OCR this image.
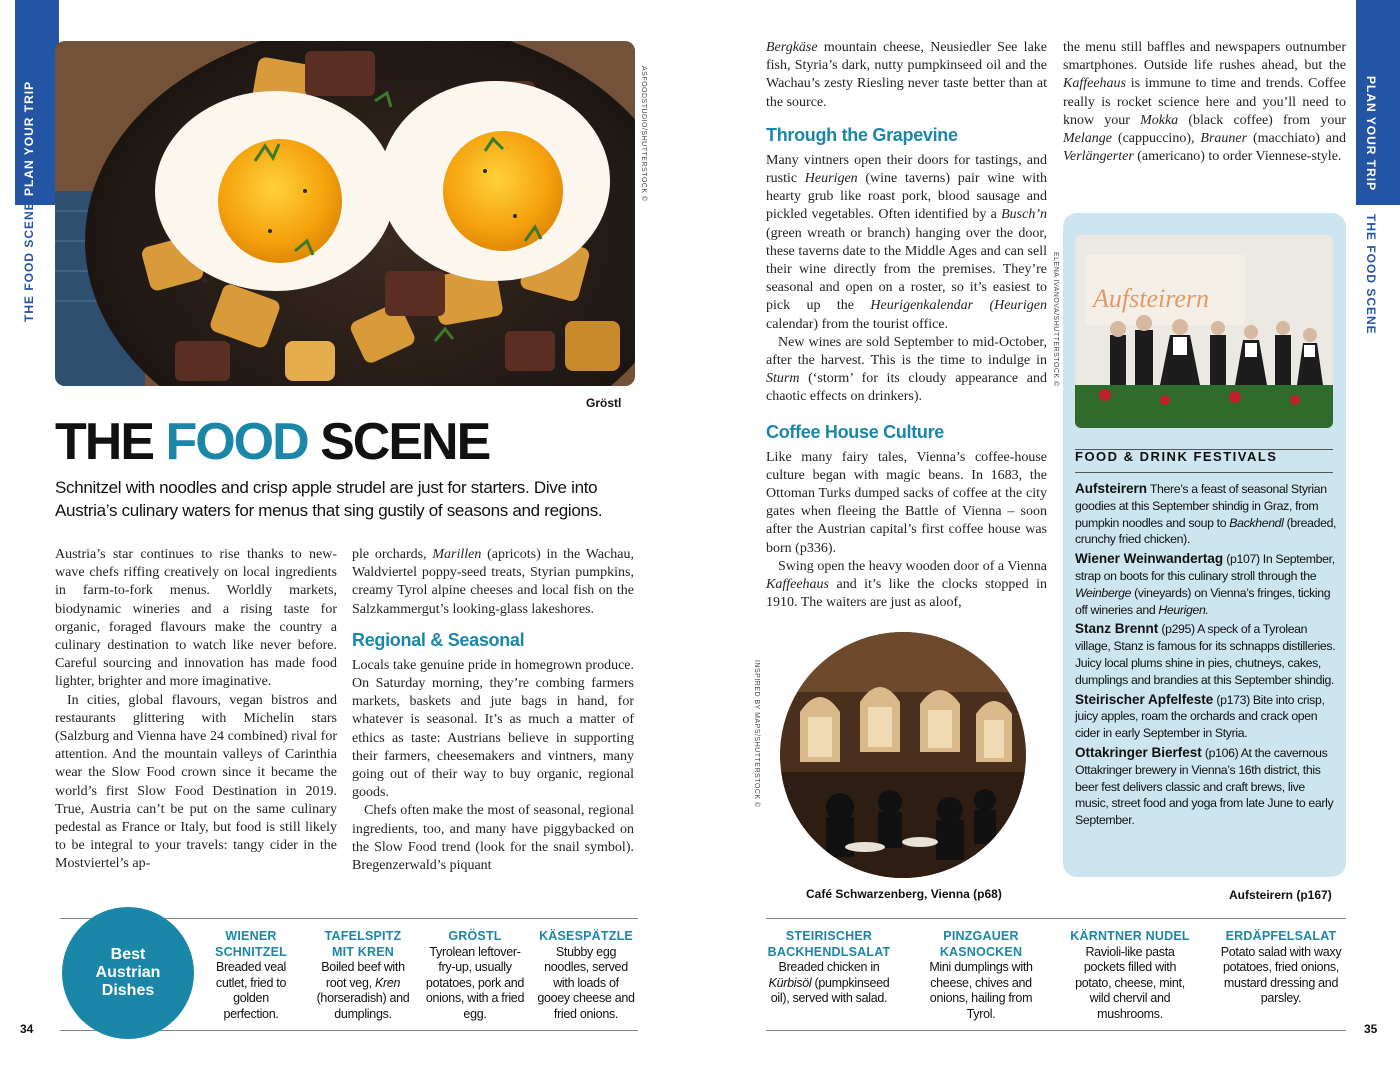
PLAN YOUR TRIP
THE FOOD SCENE
PLAN YOUR TRIP
THE FOOD SCENE
ASFOODSTUDIO/SHUTTERSTOCK ©
Gröstl
THE FOOD SCENE
Schnitzel with noodles and crisp apple strudel are just for starters. Dive into Austria’s culinary waters for menus that sing gustily of seasons and regions.

Austria’s star continues to rise thanks to new-wave chefs riffing creatively on local ingredients in farm-to-fork menus. Worldly markets, biodynamic wineries and a rising taste for organic, foraged flavours make the country a culinary destination to watch like never before. Careful sourcing and innovation has made food lighter, brighter and more imaginative.

In cities, global flavours, vegan bistros and restaurants glittering with Michelin stars (Salzburg and Vienna have 24 combined) rival for attention. And the mountain valleys of Carinthia wear the Slow Food crown since it became the world’s first Slow Food Destination in 2019. True, Austria can’t be put on the same culinary pedestal as France or Italy, but food is still likely to be integral to your travels: tangy cider in the Mostviertel’s ap-

ple orchards, Marillen (apricots) in the Wachau, Waldviertel poppy-seed treats, Styrian pumpkins, creamy Tyrol alpine cheeses and local fish on the Salzkammergut’s looking-glass lakeshores.

Regional & Seasonal

Locals take genuine pride in homegrown produce. On Saturday morning, they’re combing farmers markets, baskets and jute bags in hand, for whatever is seasonal. It’s as much a matter of ethics as taste: Austrians believe in supporting their farmers, cheesemakers and vintners, many going out of their way to buy organic, regional goods.

Chefs often make the most of seasonal, regional ingredients, too, and many have piggybacked on the Slow Food trend (look for the snail symbol). Bregenzerwald’s piquant

Bergkäse mountain cheese, Neusiedler See lake fish, Styria’s dark, nutty pumpkinseed oil and the Wachau’s zesty Riesling never taste better than at the source.

Through the Grapevine

Many vintners open their doors for tastings, and rustic Heurigen (wine taverns) pair wine with hearty grub like roast pork, blood sausage and pickled vegetables. Often identified by a Busch’n (green wreath or branch) hanging over the door, these taverns date to the Middle Ages and can sell their wine directly from the premises. They’re seasonal and open on a roster, so it’s easiest to pick up the Heurigenkalendar (Heurigen calendar) from the tourist office.

New wines are sold September to mid-October, after the harvest. This is the time to indulge in Sturm (‘storm’ for its cloudy appearance and chaotic effects on drinkers).

Coffee House Culture

Like many fairy tales, Vienna’s coffee-house culture began with magic beans. In 1683, the Ottoman Turks dumped sacks of coffee at the city gates when fleeing the Battle of Vienna – soon after the Austrian capital’s first coffee house was born (p336).

Swing open the heavy wooden door of a Vienna Kaffeehaus and it’s like the clocks stopped in 1910. The waiters are just as aloof,

the menu still baffles and newspapers outnumber smartphones. Outside life rushes ahead, but the Kaffeehaus is immune to time and trends. Coffee really is rocket science here and you’ll need to know your Mokka (black coffee) from your Melange (cappuccino), Brauner (macchiato) and Verlängerter (americano) to order Viennese-style.

ELENA IVANOVA/SHUTTERSTOCK ©
INSPIRED BY MAPS/SHUTTERSTOCK ©
Café Schwarzenberg, Vienna (p68)
Aufsteirern
FOOD & DRINK FESTIVALS
Aufsteirern There’s a feast of seasonal Styrian goodies at this September shindig in Graz, from pumpkin noodles and soup to Backhendl (breaded, crunchy fried chicken).
Wiener Weinwandertag (p107) In September, strap on boots for this culinary stroll through the Weinberge (vineyards) on Vienna’s fringes, ticking off wineries and Heurigen.
Stanz Brennt (p295) A speck of a Tyrolean village, Stanz is famous for its schnapps distilleries. Juicy local plums shine in pies, chutneys, cakes, dumplings and brandies at this September shindig.
Steirischer Apfelfeste (p173) Bite into crisp, juicy apples, roam the orchards and crack open cider in early September in Styria.
Ottakringer Bierfest (p106) At the cavernous Ottakringer brewery in Vienna’s 16th district, this beer fest delivers classic and craft brews, live music, street food and yoga from late June to early September.
Aufsteirern (p167)
Best Austrian Dishes
WIENER SCHNITZEL
Breaded veal cutlet, fried to golden perfection.
TAFELSPITZ MIT KREN
Boiled beef with root veg, Kren (horseradish) and dumplings.
GRÖSTL
Tyrolean leftover-fry-up, usually potatoes, pork and onions, with a fried egg.
KÄSESPÄTZLE
Stubby egg noodles, served with loads of gooey cheese and fried onions.
STEIRISCHER BACKHENDLSALAT
Breaded chicken in Kürbisöl (pumpkinseed oil), served with salad.
PINZGAUER KASNOCKEN
Mini dumplings with cheese, chives and onions, hailing from Tyrol.
KÄRNTNER NUDEL
Ravioli-like pasta pockets filled with potato, cheese, mint, wild chervil and mushrooms.
ERDÄPFELSALAT
Potato salad with waxy potatoes, fried onions, mustard dressing and parsley.
34	35
